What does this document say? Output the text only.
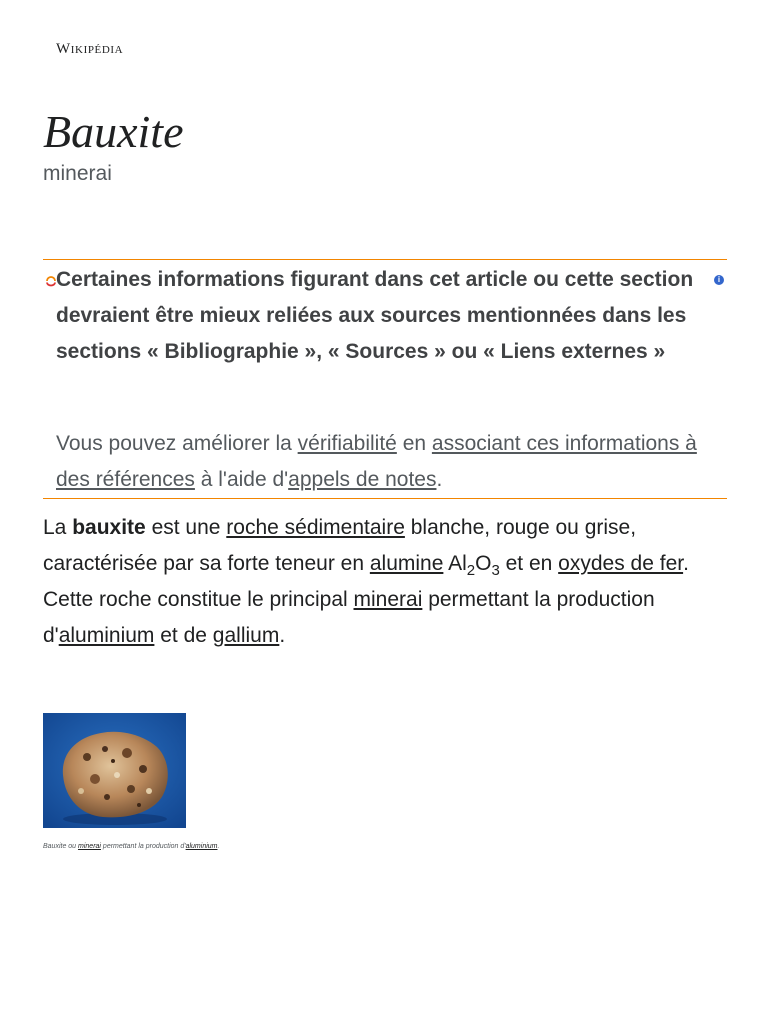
Wikipédia
Bauxite
minerai
i
Certaines informations figurant dans cet article ou cette section devraient être mieux reliées aux sources mentionnées dans les sections « Bibliographie », « Sources » ou « Liens externes »
Vous pouvez améliorer la vérifiabilité en associant ces informations à des références à l'aide d'appels de notes.
La bauxite est une roche sédimentaire blanche, rouge ou grise, caractérisée par sa forte teneur en alumine $Al_2O_3$ et en oxydes de fer. Cette roche constitue le principal minerai permettant la production d'aluminium et de gallium.
Bauxite ou minerai permettant la production d'aluminium.
